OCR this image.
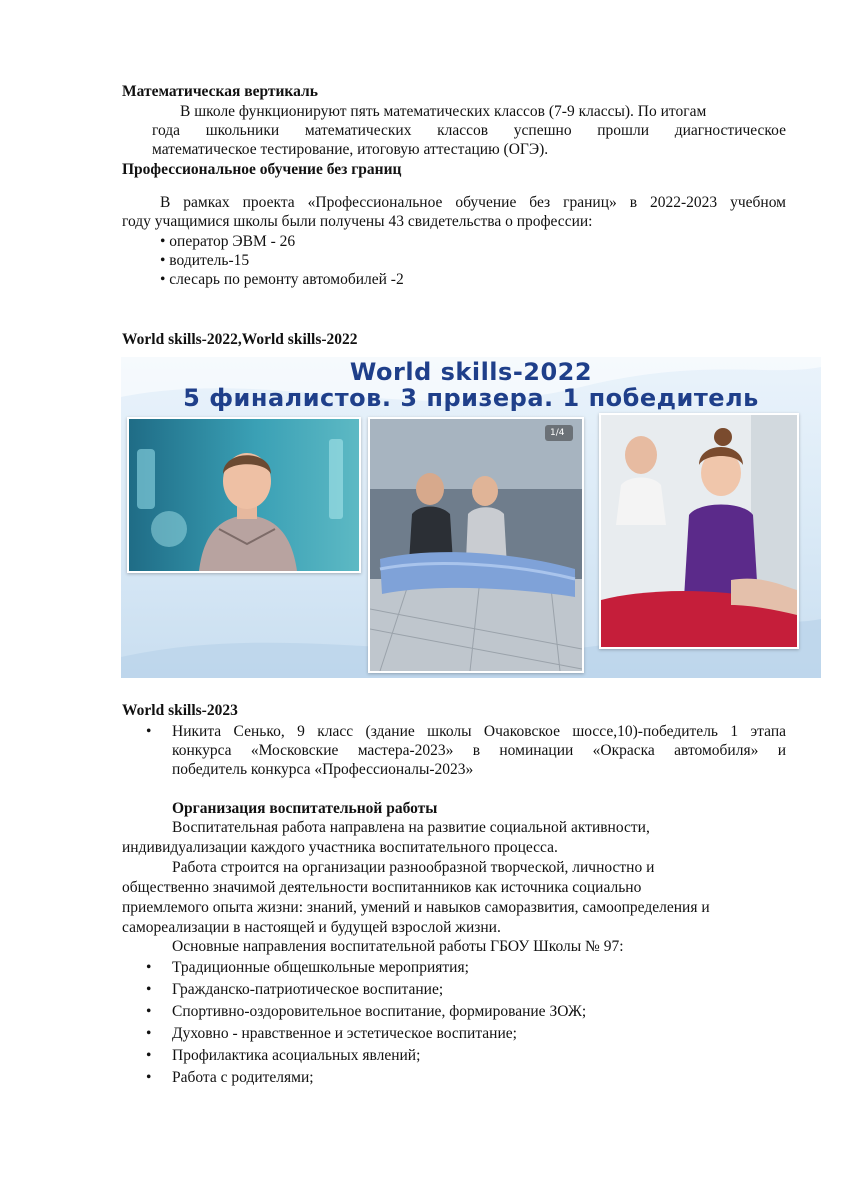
Математическая вертикаль
В школе функционируют пять математических классов (7-9 классы). По итогам
года школьники математических классов успешно прошли диагностическое
математическое тестирование, итоговую аттестацию (ОГЭ).
Профессиональное обучение без границ
В рамках проекта «Профессиональное обучение без границ» в 2022-2023 учебном
году учащимися школы были получены 43 свидетельства о профессии:
• оператор ЭВМ - 26
• водитель-15
• слесарь по ремонту автомобилей -2
World skills-2022,World skills-2022
World skills-2022
5 финалистов. 3 призера. 1 победитель
1/4
World skills-2023
• Никита Сенько, 9 класс (здание школы Очаковское шоссе,10)-победитель 1 этапа
конкурса «Московские мастера-2023» в номинации «Окраска автомобиля» и
победитель конкурса «Профессионалы-2023»
Организация воспитательной работы
Воспитательная работа направлена на развитие социальной активности,
индивидуализации каждого участника воспитательного процесса.
Работа строится на организации разнообразной творческой, личностно и
общественно значимой деятельности воспитанников как источника социально
приемлемого опыта жизни: знаний, умений и навыков саморазвития, самоопределения и
самореализации в настоящей и будущей взрослой жизни.
Основные направления воспитательной работы ГБОУ Школы № 97:
• Традиционные общешкольные мероприятия;
• Гражданско-патриотическое воспитание;
• Спортивно-оздоровительное воспитание, формирование ЗОЖ;
• Духовно - нравственное и эстетическое воспитание;
• Профилактика асоциальных явлений;
• Работа с родителями;
